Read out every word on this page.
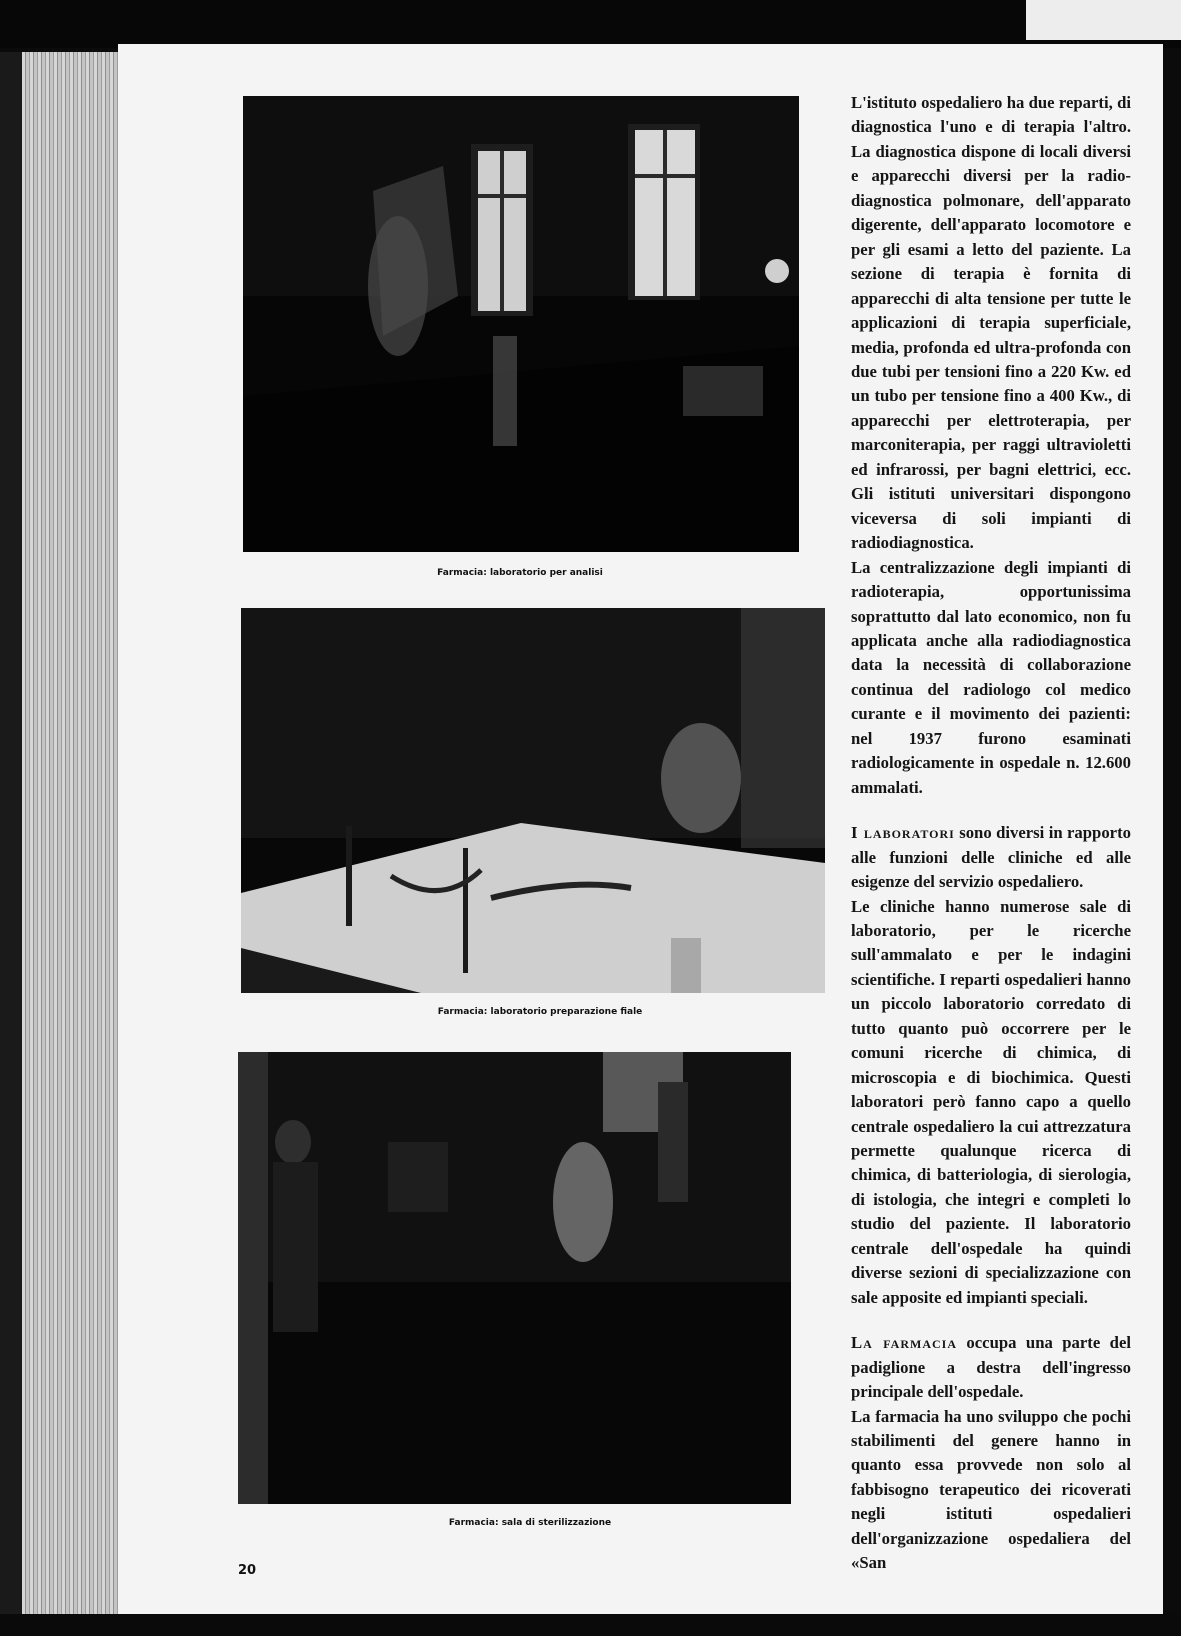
Farmacia: laboratorio per analisi
Farmacia: laboratorio preparazione fiale
Farmacia: sala di sterilizzazione

L'istituto ospedaliero ha due reparti, di diagnostica l'uno e di terapia l'altro. La diagnostica dispone di locali diversi e apparecchi diversi per la radio-diagnostica polmonare, dell'apparato digerente, dell'apparato locomotore e per gli esami a letto del paziente. La sezione di terapia è fornita di apparecchi di alta tensione per tutte le applicazioni di terapia superficiale, media, profonda ed ultra-profonda con due tubi per tensioni fino a 220 Kw. ed un tubo per tensione fino a 400 Kw., di apparecchi per elettroterapia, per marconiterapia, per raggi ultravioletti ed infrarossi, per bagni elettrici, ecc. Gli istituti universitari dispongono viceversa di soli impianti di radiodiagnostica.

La centralizzazione degli impianti di radioterapia, opportunissima soprattutto dal lato economico, non fu applicata anche alla radiodiagnostica data la necessità di collaborazione continua del radiologo col medico curante e il movimento dei pazienti: nel 1937 furono esaminati radiologicamente in ospedale n. 12.600 ammalati.

I laboratori sono diversi in rapporto alle funzioni delle cliniche ed alle esigenze del servizio ospedaliero.

Le cliniche hanno numerose sale di laboratorio, per le ricerche sull'ammalato e per le indagini scientifiche. I reparti ospedalieri hanno un piccolo laboratorio corredato di tutto quanto può occorrere per le comuni ricerche di chimica, di microscopia e di biochimica. Questi laboratori però fanno capo a quello centrale ospedaliero la cui attrezzatura permette qualunque ricerca di chimica, di batteriologia, di sierologia, di istologia, che integri e completi lo studio del paziente. Il laboratorio centrale dell'ospedale ha quindi diverse sezioni di specializzazione con sale apposite ed impianti speciali.

La farmacia occupa una parte del padiglione a destra dell'ingresso principale dell'ospedale.

La farmacia ha uno sviluppo che pochi stabilimenti del genere hanno in quanto essa provvede non solo al fabbisogno terapeutico dei ricoverati negli istituti ospedalieri dell'organizzazione ospedaliera del «San

20
